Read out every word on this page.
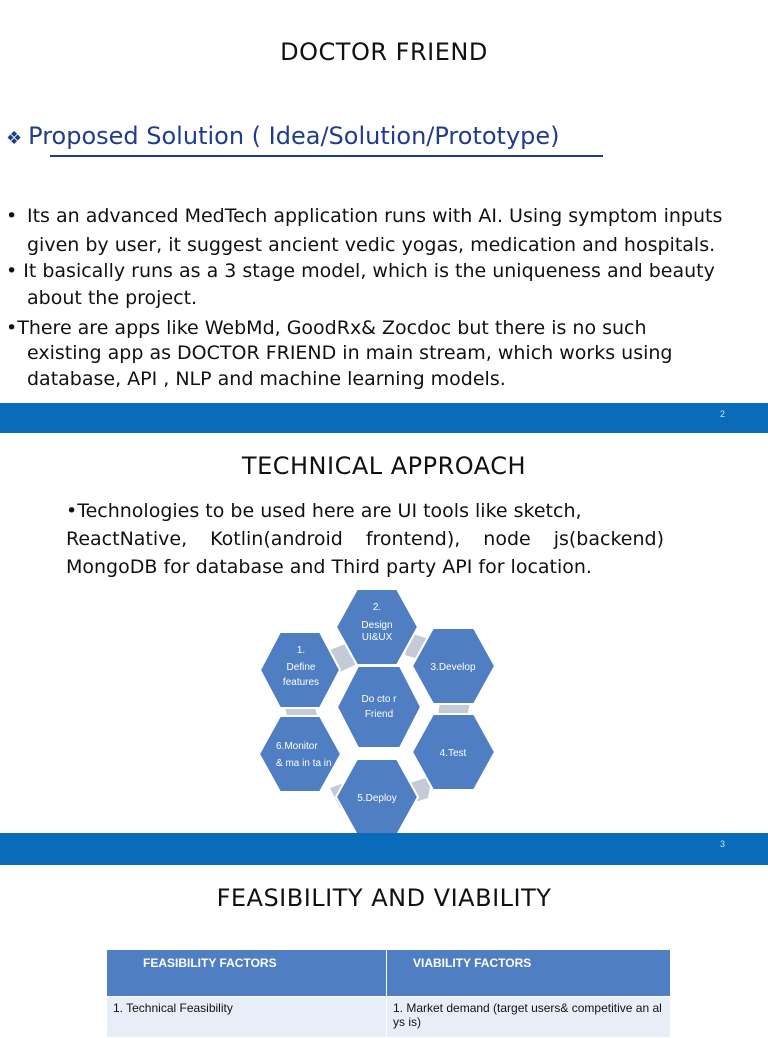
DOCTOR FRIEND
❖ Proposed Solution ( Idea/Solution/Prototype)
• Its an advanced MedTech application runs with AI. Using symptom inputs
given by user, it suggest ancient vedic yogas, medication and hospitals.
• It basically runs as a 3 stage model, which is the uniqueness and beauty
about the project.
•There are apps like WebMd, GoodRx& Zocdoc but there is no such
existing app as DOCTOR FRIEND in main stream, which works using
database, API , NLP and machine learning models.
2
TECHNICAL APPROACH
•Technologies to be used here are UI tools like sketch,
ReactNative, Kotlin(android frontend), node js(backend)
MongoDB for database and Third party API for location.
Do cto r
Friend
1.
Define
features
2.
Design
UI&UX
3.Develop
4.Test
5.Deploy
6.Monitor
& ma in ta in
3
FEASIBILITY AND VIABILITY
FEASIBILITY FACTORS	VIABILITY FACTORS
1. Technical Feasibility	1. Market demand (target users& competitive an al ys is)
